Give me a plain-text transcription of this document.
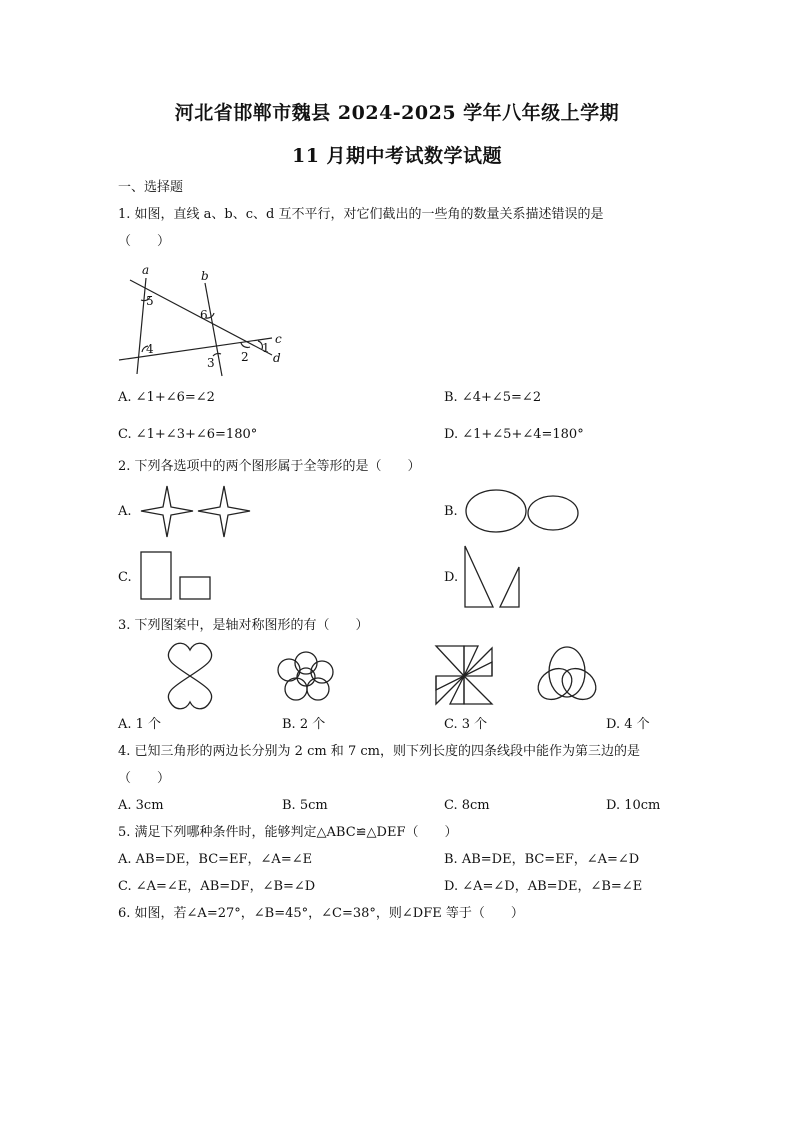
河北省邯郸市魏县 2024-2025 学年八年级上学期
11 月期中考试数学试题
一、选择题
1. 如图，直线 a、b、c、d 互不平行，对它们截出的一些角的数量关系描述错误的是
（　　）
a	b
c
d
5
6
4
3 2
1
A. ∠1+∠6=∠2	B. ∠4+∠5=∠2
C. ∠1+∠3+∠6=180°	D. ∠1+∠5+∠4=180°
2. 下列各选项中的两个图形属于全等形的是（　　）
A.	B.
C.	D.
3. 下列图案中，是轴对称图形的有（　　）
A. 1 个	B. 2 个	C. 3 个	D. 4 个
4. 已知三角形的两边长分别为 2 cm 和 7 cm，则下列长度的四条线段中能作为第三边的是
（　　）
A. 3cm	B. 5cm	C. 8cm	D. 10cm
5. 满足下列哪种条件时，能够判定△ABC≌△DEF（　　）
A. AB=DE，BC=EF，∠A=∠E	B. AB=DE，BC=EF，∠A=∠D
C. ∠A=∠E，AB=DF，∠B=∠D	D. ∠A=∠D，AB=DE，∠B=∠E
6. 如图，若∠A=27°，∠B=45°，∠C=38°，则∠DFE 等于（　　）
